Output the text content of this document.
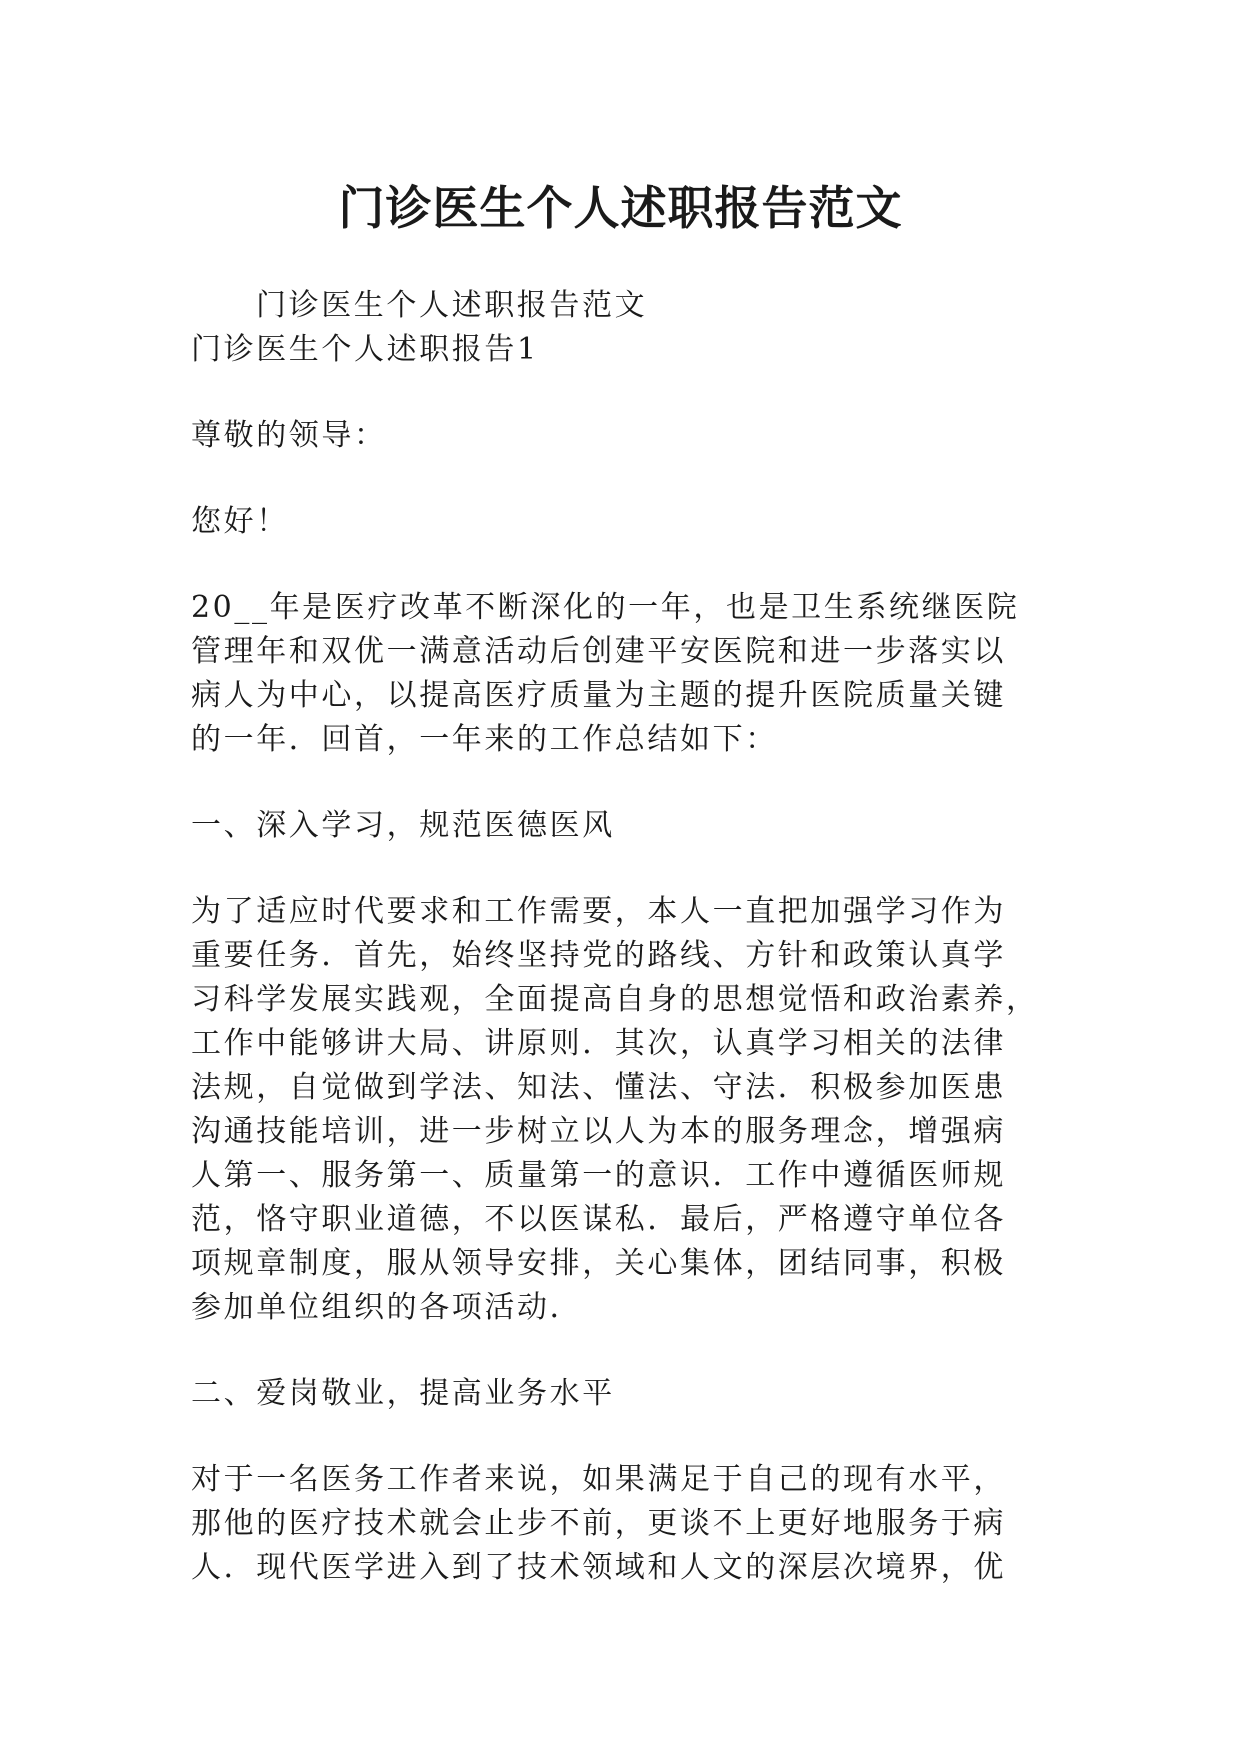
门诊医生个人述职报告范文
门诊医生个人述职报告范文
门诊医生个人述职报告1
尊敬的领导：
您好！
20__年是医疗改革不断深化的一年，也是卫生系统继医院
管理年和双优一满意活动后创建平安医院和进一步落实以
病人为中心，以提高医疗质量为主题的提升医院质量关键
的一年．回首，一年来的工作总结如下：
一、深入学习，规范医德医风
为了适应时代要求和工作需要，本人一直把加强学习作为
重要任务．首先，始终坚持党的路线、方针和政策认真学
习科学发展实践观，全面提高自身的思想觉悟和政治素养，
工作中能够讲大局、讲原则．其次，认真学习相关的法律
法规，自觉做到学法、知法、懂法、守法．积极参加医患
沟通技能培训，进一步树立以人为本的服务理念，增强病
人第一、服务第一、质量第一的意识．工作中遵循医师规
范，恪守职业道德，不以医谋私．最后，严格遵守单位各
项规章制度，服从领导安排，关心集体，团结同事，积极
参加单位组织的各项活动．
二、爱岗敬业，提高业务水平
对于一名医务工作者来说，如果满足于自己的现有水平，
那他的医疗技术就会止步不前，更谈不上更好地服务于病
人．现代医学进入到了技术领域和人文的深层次境界，优
